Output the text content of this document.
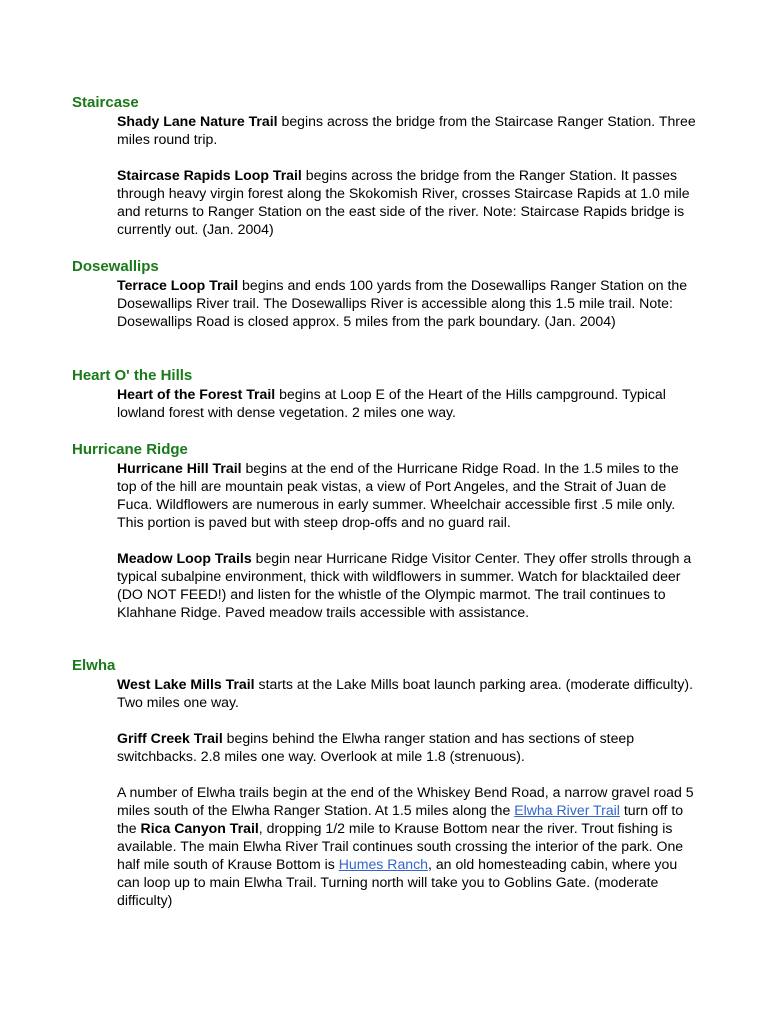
Staircase

Shady Lane Nature Trail begins across the bridge from the Staircase Ranger Station. Three miles round trip.

Staircase Rapids Loop Trail begins across the bridge from the Ranger Station. It passes through heavy virgin forest along the Skokomish River, crosses Staircase Rapids at 1.0 mile and returns to Ranger Station on the east side of the river. Note: Staircase Rapids bridge is currently out. (Jan. 2004)

Dosewallips

Terrace Loop Trail begins and ends 100 yards from the Dosewallips Ranger Station on the Dosewallips River trail. The Dosewallips River is accessible along this 1.5 mile trail. Note: Dosewallips Road is closed approx. 5 miles from the park boundary. (Jan. 2004)

Heart O' the Hills

Heart of the Forest Trail begins at Loop E of the Heart of the Hills campground. Typical lowland forest with dense vegetation. 2 miles one way.

Hurricane Ridge

Hurricane Hill Trail begins at the end of the Hurricane Ridge Road. In the 1.5 miles to the top of the hill are mountain peak vistas, a view of Port Angeles, and the Strait of Juan de Fuca. Wildflowers are numerous in early summer. Wheelchair accessible first .5 mile only. This portion is paved but with steep drop-offs and no guard rail.

Meadow Loop Trails begin near Hurricane Ridge Visitor Center. They offer strolls through a typical subalpine environment, thick with wildflowers in summer. Watch for blacktailed deer (DO NOT FEED!) and listen for the whistle of the Olympic marmot. The trail continues to Klahhane Ridge. Paved meadow trails accessible with assistance.

Elwha

West Lake Mills Trail starts at the Lake Mills boat launch parking area. (moderate difficulty). Two miles one way.

Griff Creek Trail begins behind the Elwha ranger station and has sections of steep switchbacks. 2.8 miles one way. Overlook at mile 1.8 (strenuous).

A number of Elwha trails begin at the end of the Whiskey Bend Road, a narrow gravel road 5 miles south of the Elwha Ranger Station. At 1.5 miles along the Elwha River Trail turn off to the Rica Canyon Trail, dropping 1/2 mile to Krause Bottom near the river. Trout fishing is available. The main Elwha River Trail continues south crossing the interior of the park. One half mile south of Krause Bottom is Humes Ranch, an old homesteading cabin, where you can loop up to main Elwha Trail. Turning north will take you to Goblins Gate. (moderate difficulty)
